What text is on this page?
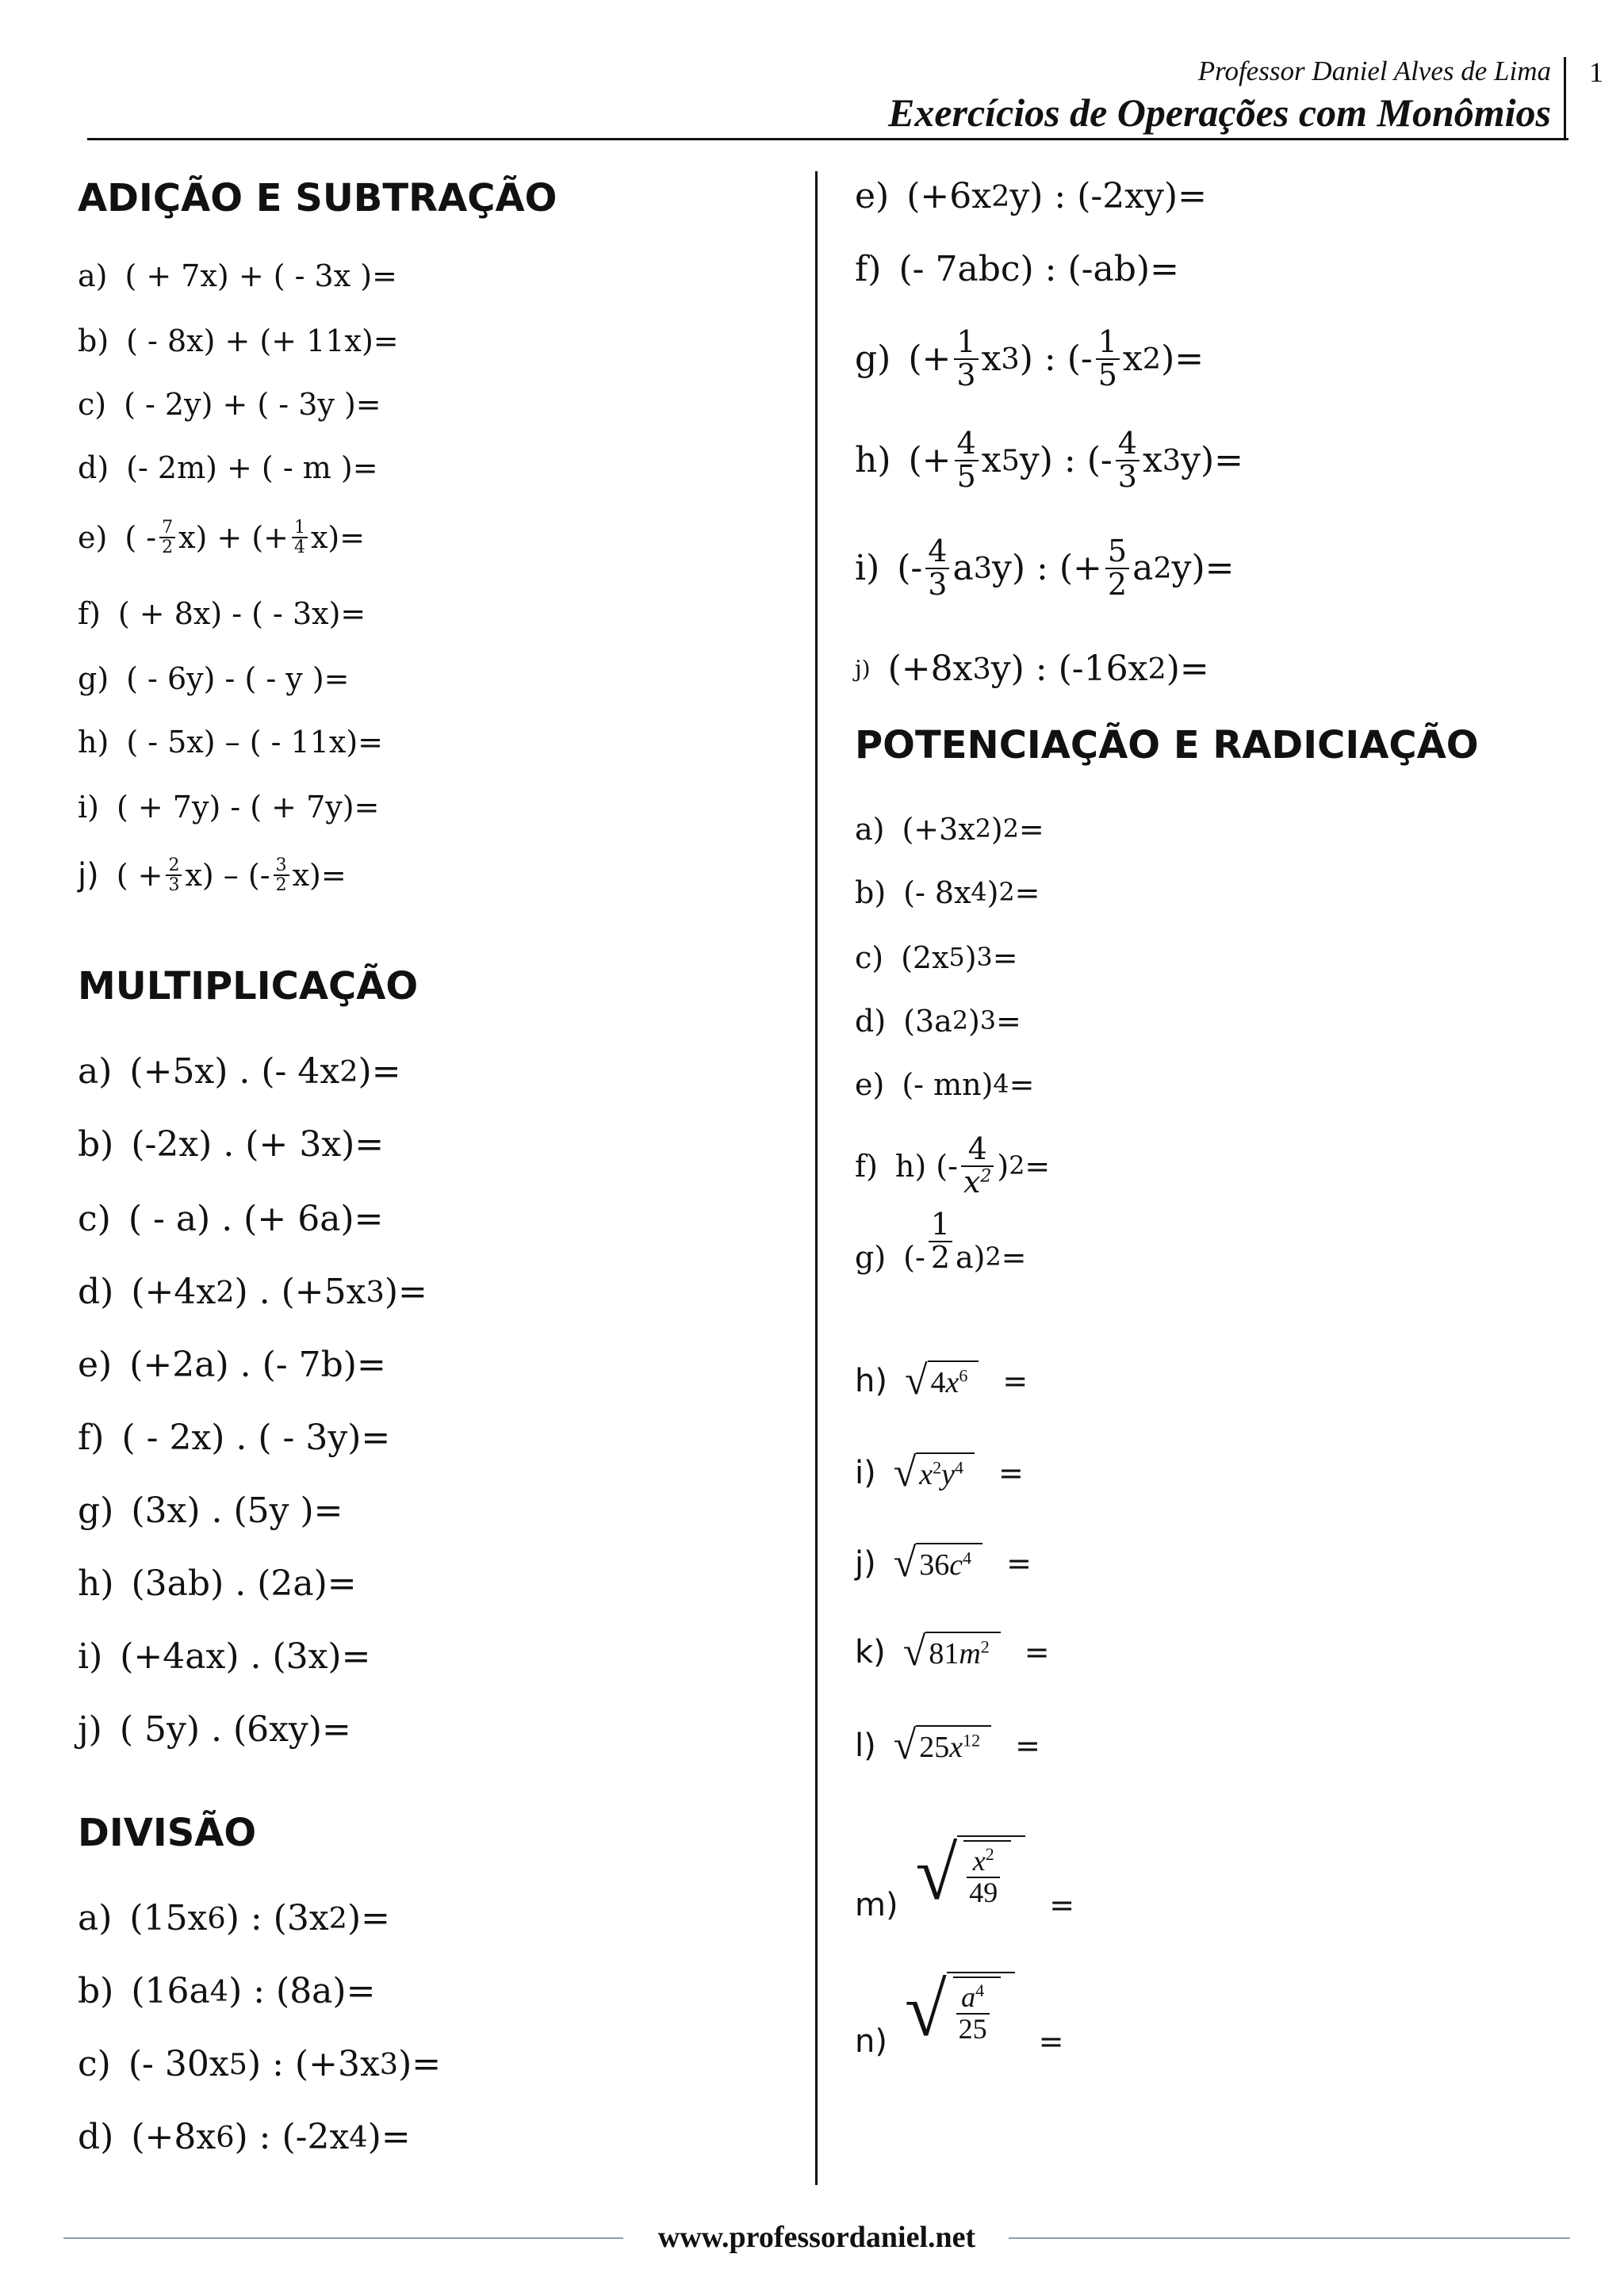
Professor Daniel Alves de Lima
Exercícios de Operações com Monômios
1
ADIÇÃO E SUBTRAÇÃO
a) ( + 7x) + ( - 3x )=
b) ( - 8x) + (+ 11x)=
c) ( - 2y) + ( - 3y )=
d) (- 2m) + ( - m )=
e) ( - $\frac{7}{2} x$) + (+ $\frac{1}{4} x)=$
f) ( + 8x) - ( - 3x)=
g) ( - 6y) - ( - y )=
h) ( - 5x) – ( - 11x)=
i) ( + 7y) - ( + 7y)=
j) ( + $\frac{2}{3} x$) – (- $\frac{3}{2} x)=$
MULTIPLICAÇÃO
a) (+5x) . (- 4x 2 )=
b) (-2x) . (+ 3x)=
c) ( - a) . (+ 6a)=
d) (+4x 2 ) . (+5x 3 )=
e) (+2a) . (- 7b)=
f) ( - 2x) . ( - 3y)=
g) (3x) . (5y )=
h) (3ab) . (2a)=
i) (+4ax) . (3x)=
j) ( 5y) . (6xy)=
DIVISÃO
a) (15x 6 ) : (3x 2 )=
b) (16a 4 ) : (8a)=
c) (- 30x 5 ) : (+3x 3 )=
d) (+8x 6 ) : (-2x 4 )=
e) (+6x 2 y) : (-2xy)=
f) (- 7abc) : (-ab)=
g) (+ $\frac{1}{3}$ x 3 ) : (- $\frac{1}{5}$ x 2 )=
h) (+ $\frac{4}{5}$ x 5 y) : (- $\frac{4}{3}$ x 3 y)=
i) (- $\frac{4}{3}$ a 3 y) : (+ $\frac{5}{2}$ a 2 y)=
j) (+8x 3 y) : (-16x 2 )=
POTENCIAÇÃO E RADICIAÇÃO
a) (+3x 2 ) 2 =
b) (- 8x 4 ) 2 =
c) (2x 5 ) 3 =
d) (3a 2 ) 3 =
e) (- mn) 4 =
f) h) (- $\frac{4}{x^2}$ ) 2 =
g) (- $\frac{1}{2} a$) 2 =
h) √ $4x^6$	=
i) √ $x^2y^4$	=
j) √ $36c^4$	=
k) √ $81m^2$	=
l) √ $25x^{12}$	=
m) √ $\frac{x^2}{49}$ =
n) √ $\frac{a^4}{25}$ =
www.professordaniel.net
